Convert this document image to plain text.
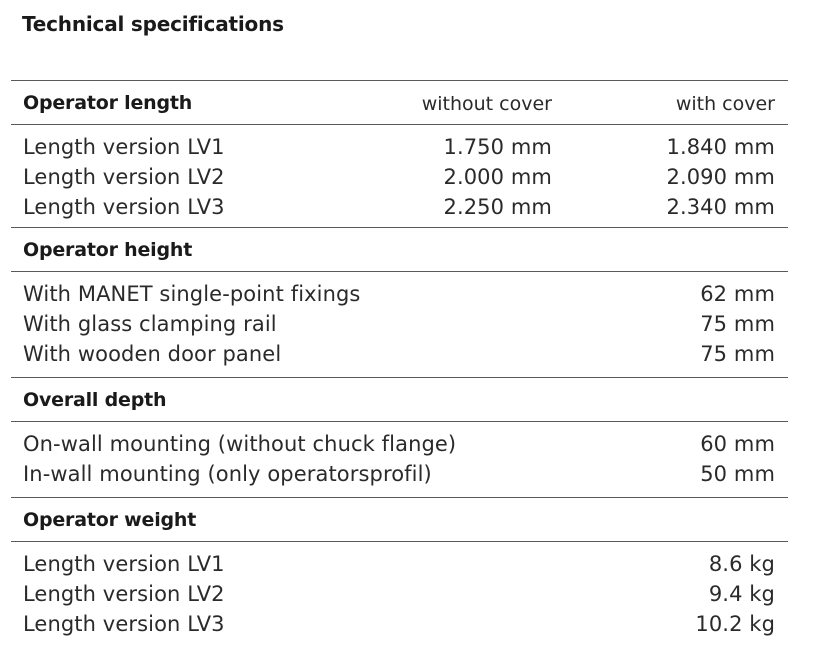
Technical specifications
Operator length	without cover	with cover
Length version LV1	1.750 mm	1.840 mm
Length version LV2	2.000 mm	2.090 mm
Length version LV3	2.250 mm	2.340 mm
Operator height
With MANET single-point fixings	62 mm
With glass clamping rail	75 mm
With wooden door panel	75 mm
Overall depth
On-wall mounting (without chuck flange)	60 mm
In-wall mounting (only operatorsprofil)	50 mm
Operator weight
Length version LV1	8.6 kg
Length version LV2	9.4 kg
Length version LV3	10.2 kg
